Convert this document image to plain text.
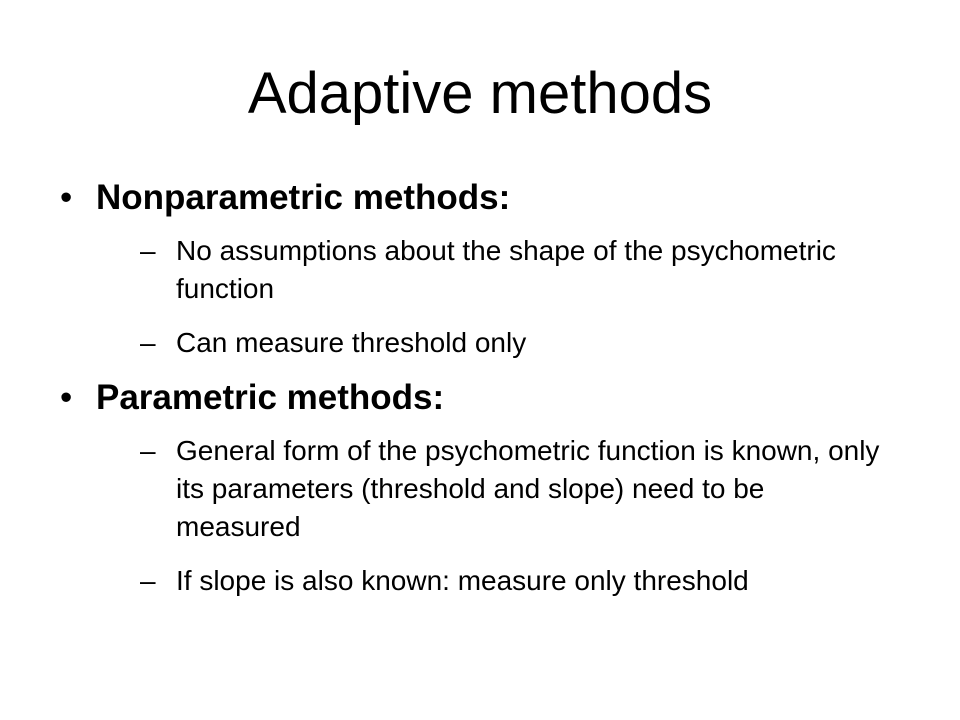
Adaptive methods
• Nonparametric methods:
– No assumptions about the shape of the psychometric function
– Can measure threshold only
• Parametric methods:
– General form of the psychometric function is known, only its parameters (threshold and slope) need to be measured
– If slope is also known: measure only threshold
